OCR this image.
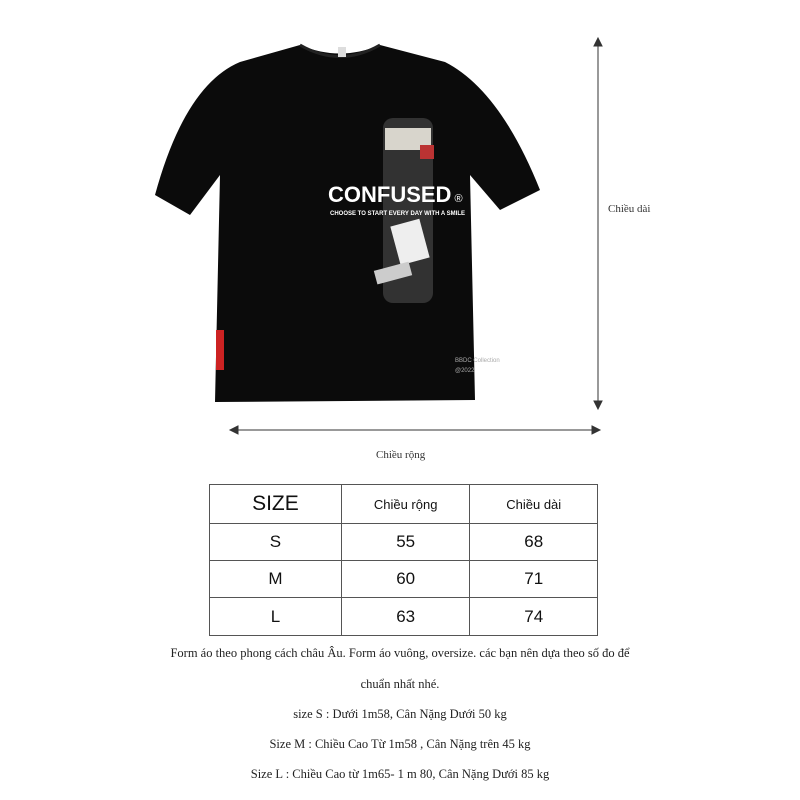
CONFUSED ®
CHOOSE TO START EVERY DAY WITH A SMILE
BBDC Collection
@2022
Chiều dài
Chiều rộng
SIZE	Chiều rộng	Chiều dài
S	55	68
M	60	71
L	63	74
Form áo theo phong cách châu Âu. Form áo vuông, oversize. các bạn nên dựa theo số đo để
chuẩn nhất nhé.
size S : Dưới 1m58, Cân Nặng Dưới 50 kg
Size M : Chiều Cao Từ 1m58 , Cân Nặng trên 45 kg
Size L : Chiều Cao từ 1m65- 1 m 80, Cân Nặng Dưới 85 kg
